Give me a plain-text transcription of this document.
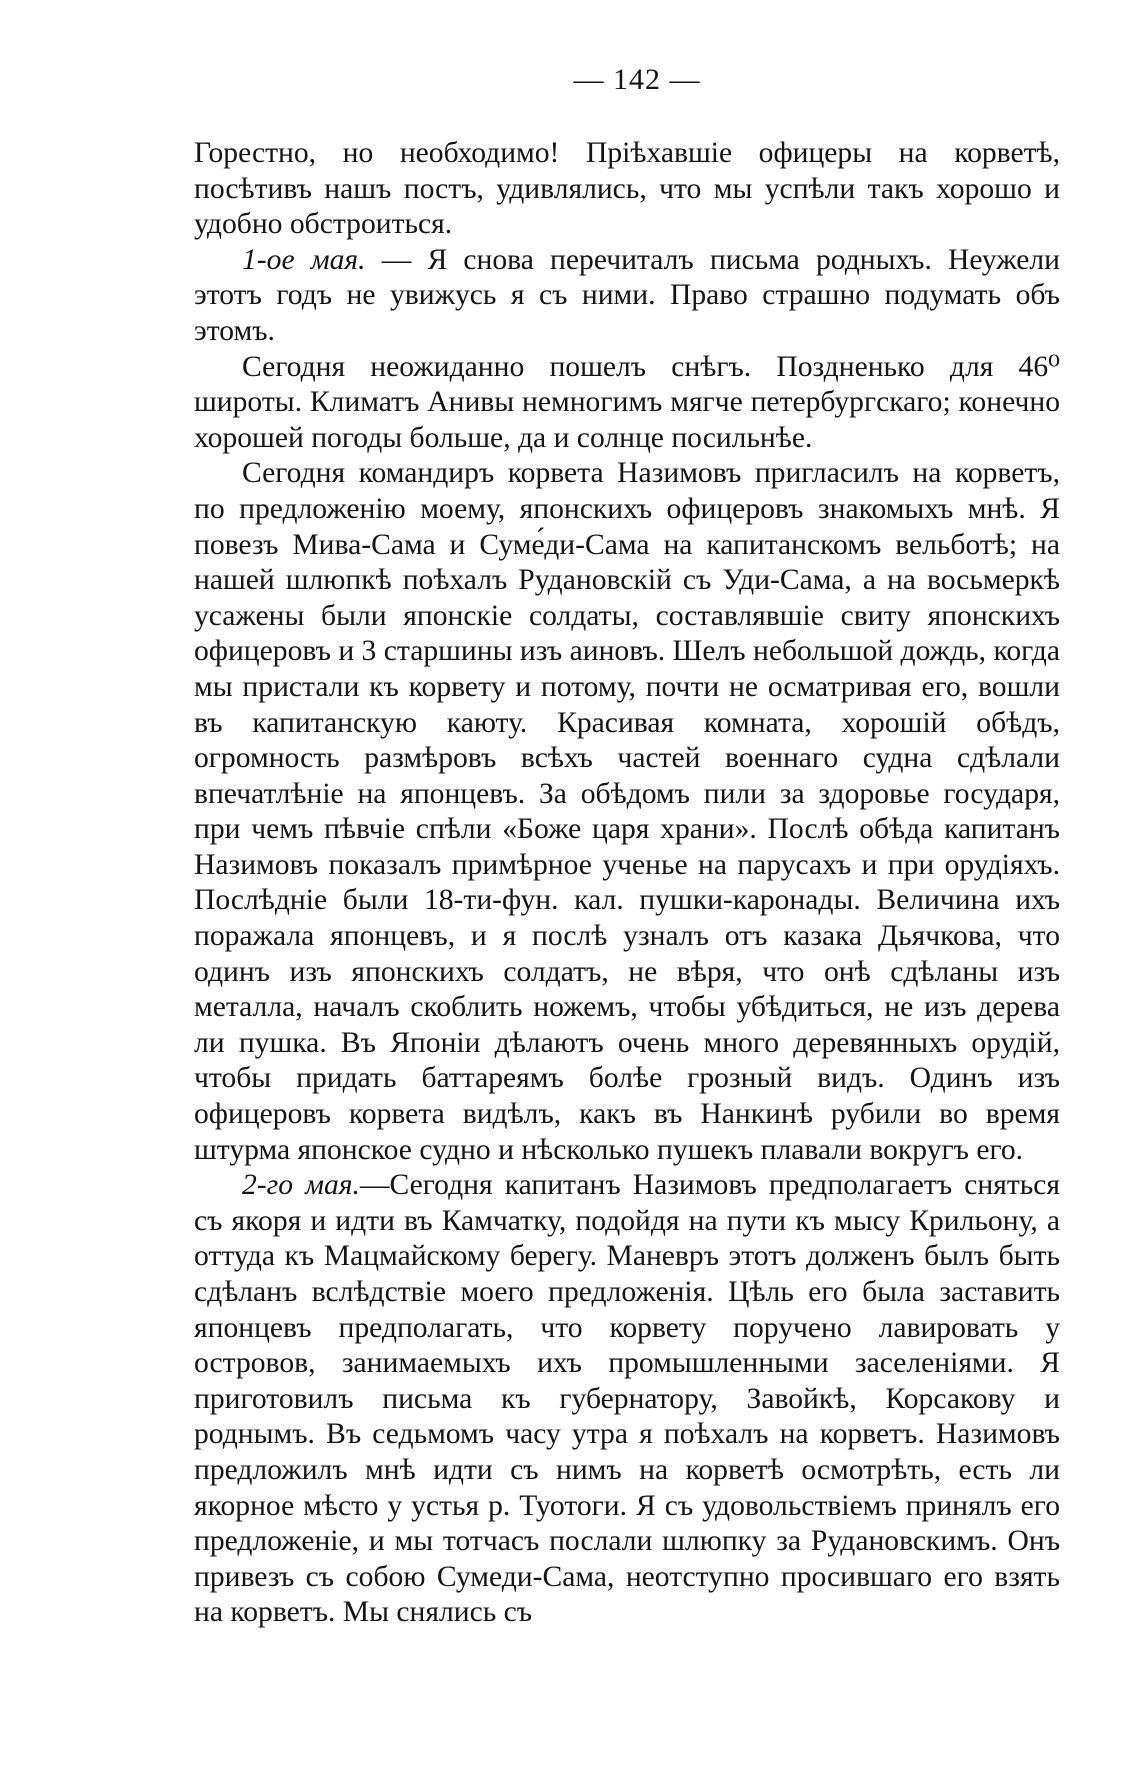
— 142 —

Горестно, но необходимо! Пріѣхавшіе офицеры на корветѣ, посѣтивъ нашъ постъ, удивлялись, что мы успѣли такъ хорошо и удобно обстроиться.

1-ое мая. — Я снова перечиталъ письма родныхъ. Неужели этотъ годъ не увижусь я съ ними. Право страшно подумать объ этомъ.

Сегодня неожиданно пошелъ снѣгъ. Поздненько для 46⁰ широты. Климатъ Анивы немногимъ мягче петербургскаго; конечно хорошей погоды больше, да и солнце посильнѣе.

Сегодня командиръ корвета Назимовъ пригласилъ на корветъ, по предложенію моему, японскихъ офицеровъ знакомыхъ мнѣ. Я повезъ Мива-Сама и Суме́ди-Сама на капитанскомъ вельботѣ; на нашей шлюпкѣ поѣхалъ Рудановскій съ Уди-Сама, а на восьмеркѣ усажены были японскіе солдаты, составлявшіе свиту японскихъ офицеровъ и 3 старшины изъ аиновъ. Шелъ небольшой дождь, когда мы пристали къ корвету и потому, почти не осматривая его, вошли въ капитанскую каюту. Красивая комната, хорошій обѣдъ, огромность размѣровъ всѣхъ частей военнаго судна сдѣлали впечатлѣніе на японцевъ. За обѣдомъ пили за здоровье государя, при чемъ пѣвчіе спѣли «Боже царя храни». Послѣ обѣда капитанъ Назимовъ показалъ примѣрное ученье на парусахъ и при орудіяхъ. Послѣдніе были 18-ти-фун. кал. пушки-каронады. Величина ихъ поражала японцевъ, и я послѣ узналъ отъ казака Дьячкова, что одинъ изъ японскихъ солдатъ, не вѣря, что онѣ сдѣланы изъ металла, началъ скоблить ножемъ, чтобы убѣдиться, не изъ дерева ли пушка. Въ Японіи дѣлаютъ очень много деревянныхъ орудій, чтобы придать баттареямъ болѣе грозный видъ. Одинъ изъ офицеровъ корвета видѣлъ, какъ въ Нанкинѣ рубили во время штурма японское судно и нѣсколько пушекъ плавали вокругъ его.

2-го мая.—Сегодня капитанъ Назимовъ предполагаетъ сняться съ якоря и идти въ Камчатку, подойдя на пути къ мысу Крильону, а оттуда къ Мацмайскому берегу. Маневръ этотъ долженъ былъ быть сдѣланъ вслѣдствіе моего предложенія. Цѣль его была заставить японцевъ предполагать, что корвету поручено лавировать у островов, занимаемыхъ ихъ промышленными заселеніями. Я приготовилъ письма къ губернатору, Завойкѣ, Корсакову и роднымъ. Въ седьмомъ часу утра я поѣхалъ на корветъ. Назимовъ предложилъ мнѣ идти съ нимъ на корветѣ осмотрѣть, есть ли якорное мѣсто у устья р. Туотоги. Я съ удовольствіемъ принялъ его предложеніе, и мы тотчасъ послали шлюпку за Рудановскимъ. Онъ привезъ съ собою Сумеди-Сама, неотступно просившаго его взять на корветъ. Мы снялись съ
